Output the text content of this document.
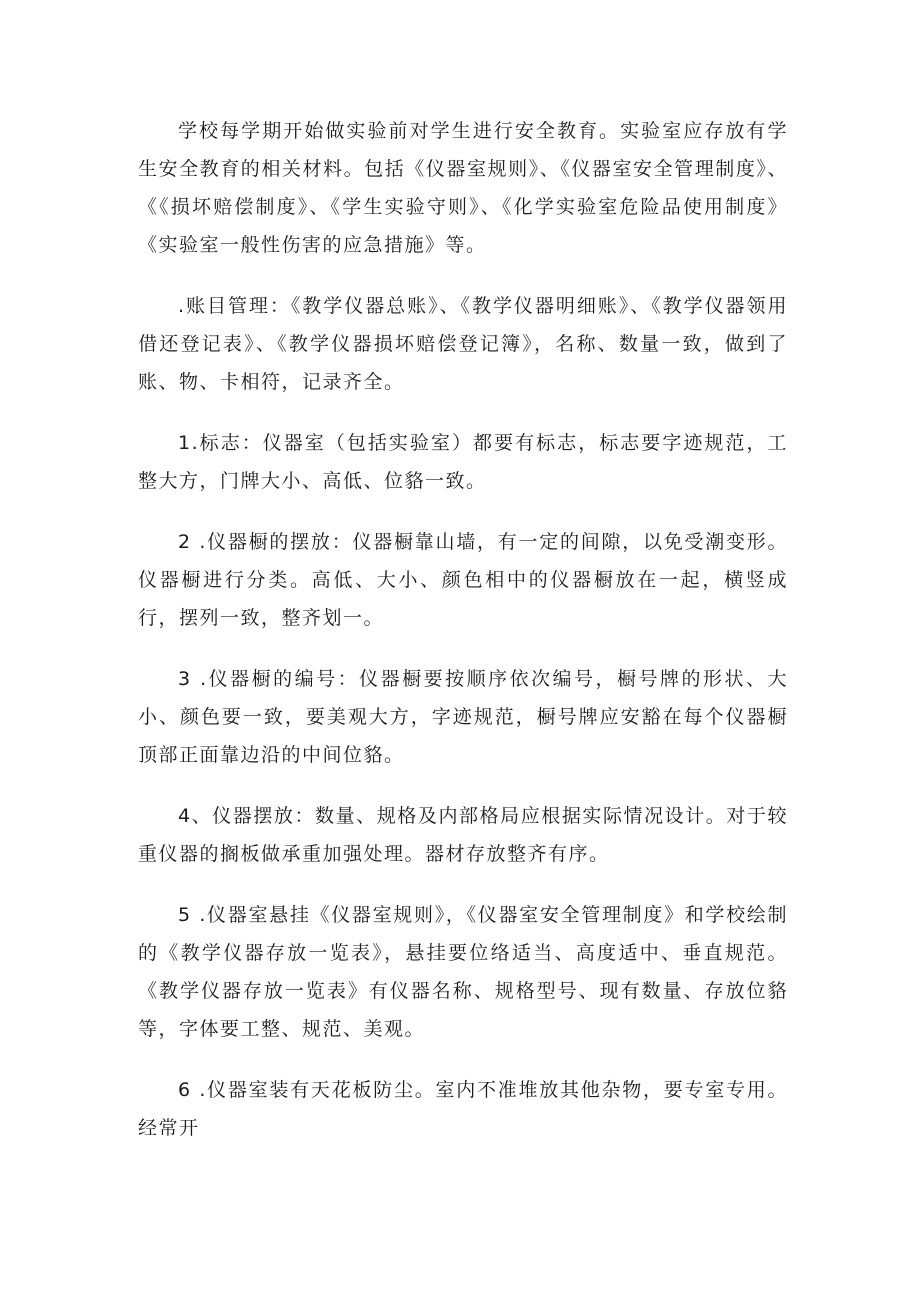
学校每学期开始做实验前对学生进行安全教育。实验室应存放有学生安全教育的相关材料。包括《仪器室规则》、《仪器室安全管理制度》、《《损坏赔偿制度》、《学生实验守则》、《化学实验室危险品使用制度》《实验室一般性伤害的应急措施》等。

.账目管理：《教学仪器总账》、《教学仪器明细账》、《教学仪器领用借还登记表》、《教学仪器损坏赔偿登记簿》，名称、数量一致，做到了账、物、卡相符，记录齐全。

1.标志：仪器室（包括实验室）都要有标志，标志要字迹规范，工整大方，门牌大小、高低、位貉一致。

2 .仪器橱的摆放：仪器橱靠山墙，有一定的间隙，以免受潮变形。仪器橱进行分类。高低、大小、颜色相中的仪器橱放在一起，横竖成行，摆列一致，整齐划一。

3 .仪器橱的编号：仪器橱要按顺序依次编号，橱号牌的形状、大小、颜色要一致，要美观大方，字迹规范，橱号牌应安豁在每个仪器橱顶部正面靠边沿的中间位貉。

4、仪器摆放：数量、规格及内部格局应根据实际情况设计。对于较重仪器的搁板做承重加强处理。器材存放整齐有序。

5 .仪器室悬挂《仪器室规则》，《仪器室安全管理制度》和学校绘制的《教学仪器存放一览表》，悬挂要位络适当、高度适中、垂直规范。《教学仪器存放一览表》有仪器名称、规格型号、现有数量、存放位貉等，字体要工整、规范、美观。

6 .仪器室装有天花板防尘。室内不准堆放其他杂物，要专室专用。经常开
